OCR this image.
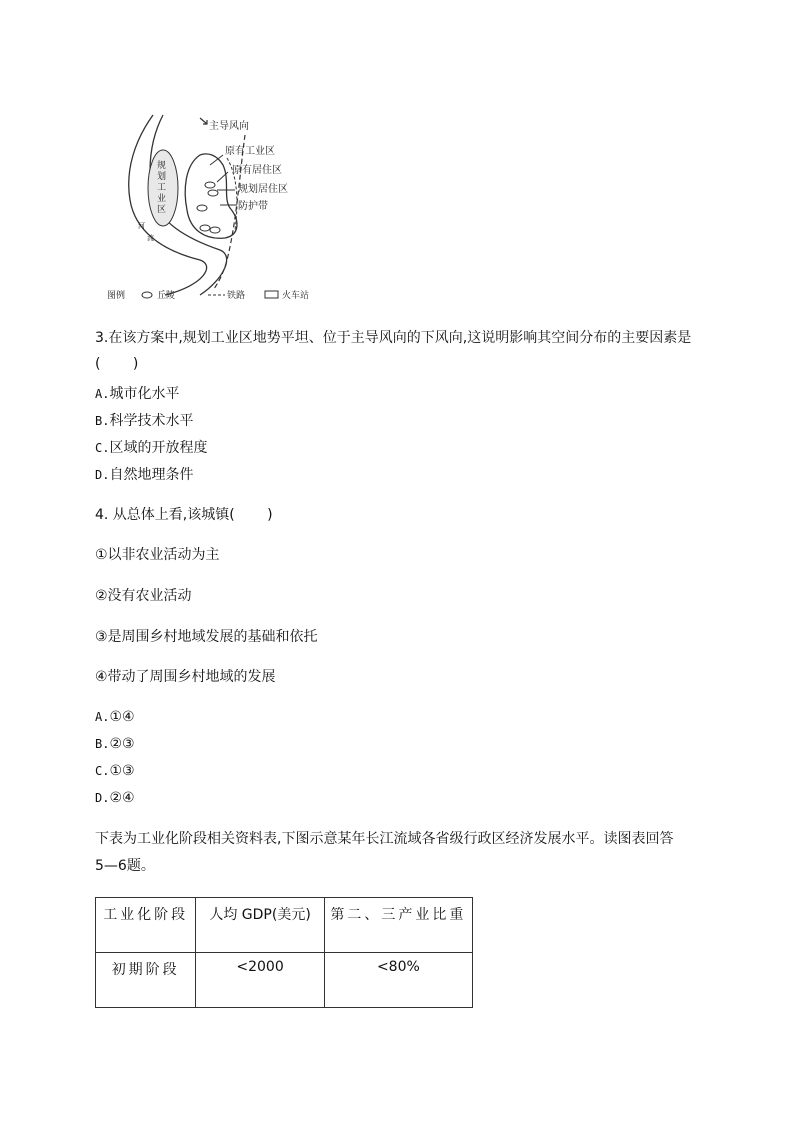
规
划
工
业
区
河
流
主导风向
原有工业区
原有居住区
规划居住区
防护带
图例	丘陵	铁路	火车站
3.在该方案中,规划工业区地势平坦、位于主导风向的下风向,这说明影响其空间分布的主要因素是
(　　 )
A.城市化水平
B.科学技术水平
C.区域的开放程度
D.自然地理条件
4. 从总体上看,该城镇(　　 )
①以非农业活动为主
②没有农业活动
③是周围乡村地域发展的基础和依托
④带动了周围乡村地域的发展
A.①④
B.②③
C.①③
D.②④
下表为工业化阶段相关资料表,下图示意某年长江流域各省级行政区经济发展水平。读图表回答
5—6题。
工业化阶段	人均 GDP(美元)	第二、三产业比重
初期阶段	<2000	<80%
